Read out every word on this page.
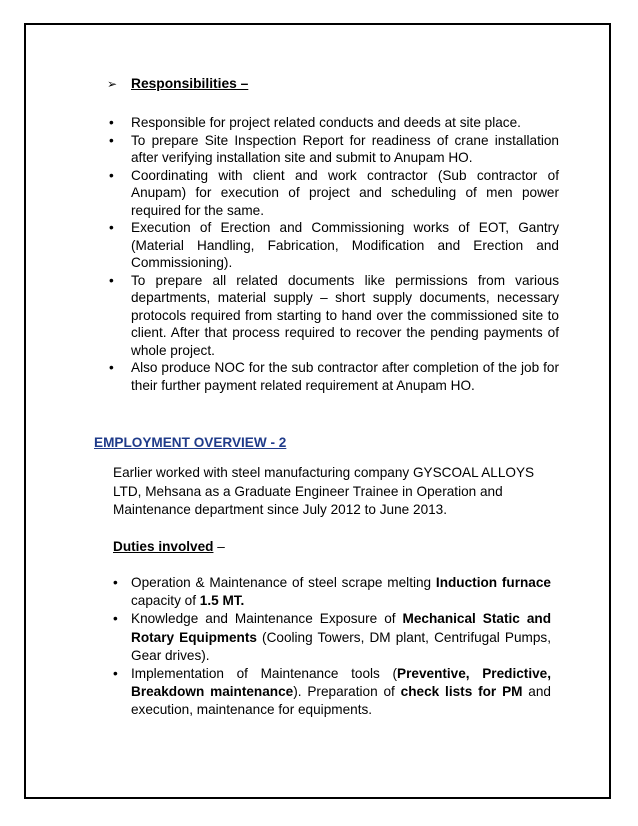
➢ Responsibilities –
• Responsible for project related conducts and deeds at site place.
• To prepare Site Inspection Report for readiness of crane installation after verifying installation site and submit to Anupam HO.
• Coordinating with client and work contractor (Sub contractor of Anupam) for execution of project and scheduling of men power required for the same.
• Execution of Erection and Commissioning works of EOT, Gantry (Material Handling, Fabrication, Modification and Erection and Commissioning).
• To prepare all related documents like permissions from various departments, material supply – short supply documents, necessary protocols required from starting to hand over the commissioned site to client. After that process required to recover the pending payments of whole project.
• Also produce NOC for the sub contractor after completion of the job for their further payment related requirement at Anupam HO.
EMPLOYMENT OVERVIEW - 2
Earlier worked with steel manufacturing company GYSCOAL ALLOYS LTD, Mehsana as a Graduate Engineer Trainee in Operation and Maintenance department since July 2012 to June 2013.
Duties involved –
• Operation & Maintenance of steel scrape melting Induction furnace capacity of 1.5 MT.
• Knowledge and Maintenance Exposure of Mechanical Static and Rotary Equipments (Cooling Towers, DM plant, Centrifugal Pumps, Gear drives).
• Implementation of Maintenance tools (Preventive, Predictive, Breakdown maintenance). Preparation of check lists for PM and execution, maintenance for equipments.
